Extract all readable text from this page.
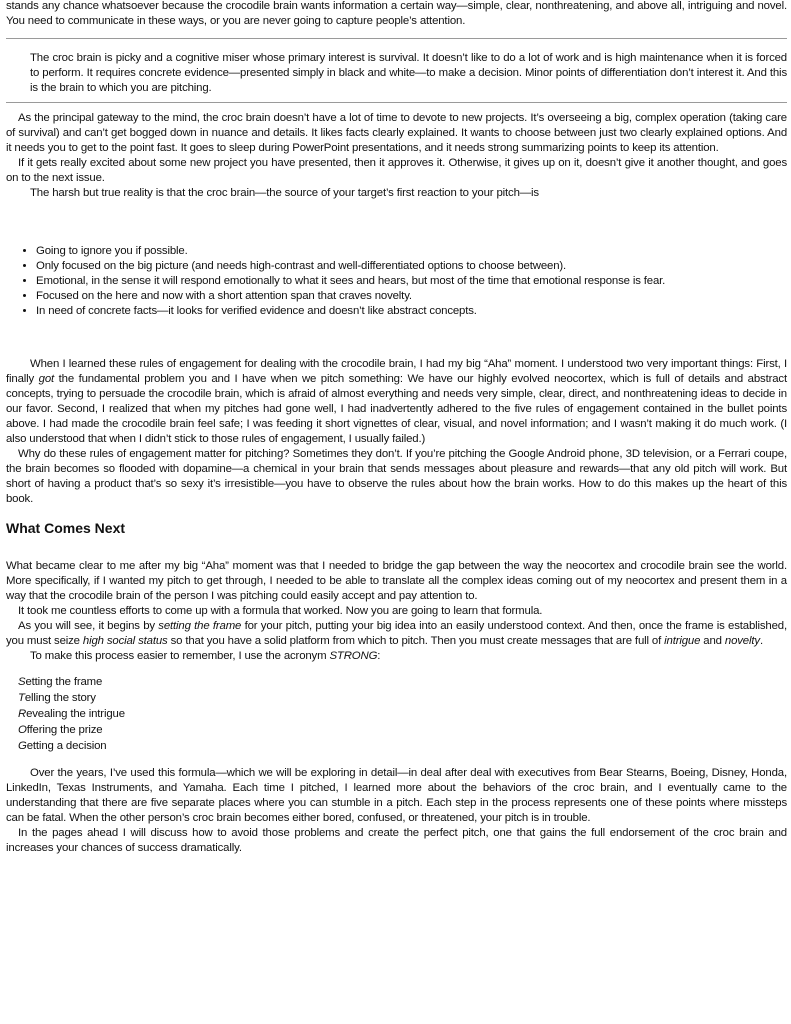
stands any chance whatsoever because the crocodile brain wants information a certain way—simple, clear, nonthreatening, and above all, intriguing and novel. You need to communicate in these ways, or you are never going to capture people’s attention.

The croc brain is picky and a cognitive miser whose primary interest is survival. It doesn’t like to do a lot of work and is high maintenance when it is forced to perform. It requires concrete evidence—presented simply in black and white—to make a decision. Minor points of differentiation don’t interest it. And this is the brain to which you are pitching.

As the principal gateway to the mind, the croc brain doesn’t have a lot of time to devote to new projects. It’s overseeing a big, complex operation (taking care of survival) and can’t get bogged down in nuance and details. It likes facts clearly explained. It wants to choose between just two clearly explained options. And it needs you to get to the point fast. It goes to sleep during PowerPoint presentations, and it needs strong summarizing points to keep its attention.

If it gets really excited about some new project you have presented, then it approves it. Otherwise, it gives up on it, doesn’t give it another thought, and goes on to the next issue.

The harsh but true reality is that the croc brain—the source of your target’s first reaction to your pitch—is

• Going to ignore you if possible.
• Only focused on the big picture (and needs high-contrast and well-differentiated options to choose between).
• Emotional, in the sense it will respond emotionally to what it sees and hears, but most of the time that emotional response is fear.
• Focused on the here and now with a short attention span that craves novelty.
• In need of concrete facts—it looks for verified evidence and doesn’t like abstract concepts.

When I learned these rules of engagement for dealing with the crocodile brain, I had my big “Aha” moment. I understood two very important things: First, I finally got the fundamental problem you and I have when we pitch something: We have our highly evolved neocortex, which is full of details and abstract concepts, trying to persuade the crocodile brain, which is afraid of almost everything and needs very simple, clear, direct, and nonthreatening ideas to decide in our favor. Second, I realized that when my pitches had gone well, I had inadvertently adhered to the five rules of engagement contained in the bullet points above. I had made the crocodile brain feel safe; I was feeding it short vignettes of clear, visual, and novel information; and I wasn’t making it do much work. (I also understood that when I didn’t stick to those rules of engagement, I usually failed.)

Why do these rules of engagement matter for pitching? Sometimes they don’t. If you’re pitching the Google Android phone, 3D television, or a Ferrari coupe, the brain becomes so flooded with dopamine—a chemical in your brain that sends messages about pleasure and rewards—that any old pitch will work. But short of having a product that’s so sexy it’s irresistible—you have to observe the rules about how the brain works. How to do this makes up the heart of this book.

What Comes Next

What became clear to me after my big “Aha” moment was that I needed to bridge the gap between the way the neocortex and crocodile brain see the world. More specifically, if I wanted my pitch to get through, I needed to be able to translate all the complex ideas coming out of my neocortex and present them in a way that the crocodile brain of the person I was pitching could easily accept and pay attention to.

It took me countless efforts to come up with a formula that worked. Now you are going to learn that formula.

As you will see, it begins by setting the frame for your pitch, putting your big idea into an easily understood context. And then, once the frame is established, you must seize high social status so that you have a solid platform from which to pitch. Then you must create messages that are full of intrigue and novelty.

To make this process easier to remember, I use the acronym STRONG:

Setting the frame
Telling the story
Revealing the intrigue
Offering the prize
Getting a decision

Over the years, I’ve used this formula—which we will be exploring in detail—in deal after deal with executives from Bear Stearns, Boeing, Disney, Honda, LinkedIn, Texas Instruments, and Yamaha. Each time I pitched, I learned more about the behaviors of the croc brain, and I eventually came to the understanding that there are five separate places where you can stumble in a pitch. Each step in the process represents one of these points where missteps can be fatal. When the other person’s croc brain becomes either bored, confused, or threatened, your pitch is in trouble.

In the pages ahead I will discuss how to avoid those problems and create the perfect pitch, one that gains the full endorsement of the croc brain and increases your chances of success dramatically.
